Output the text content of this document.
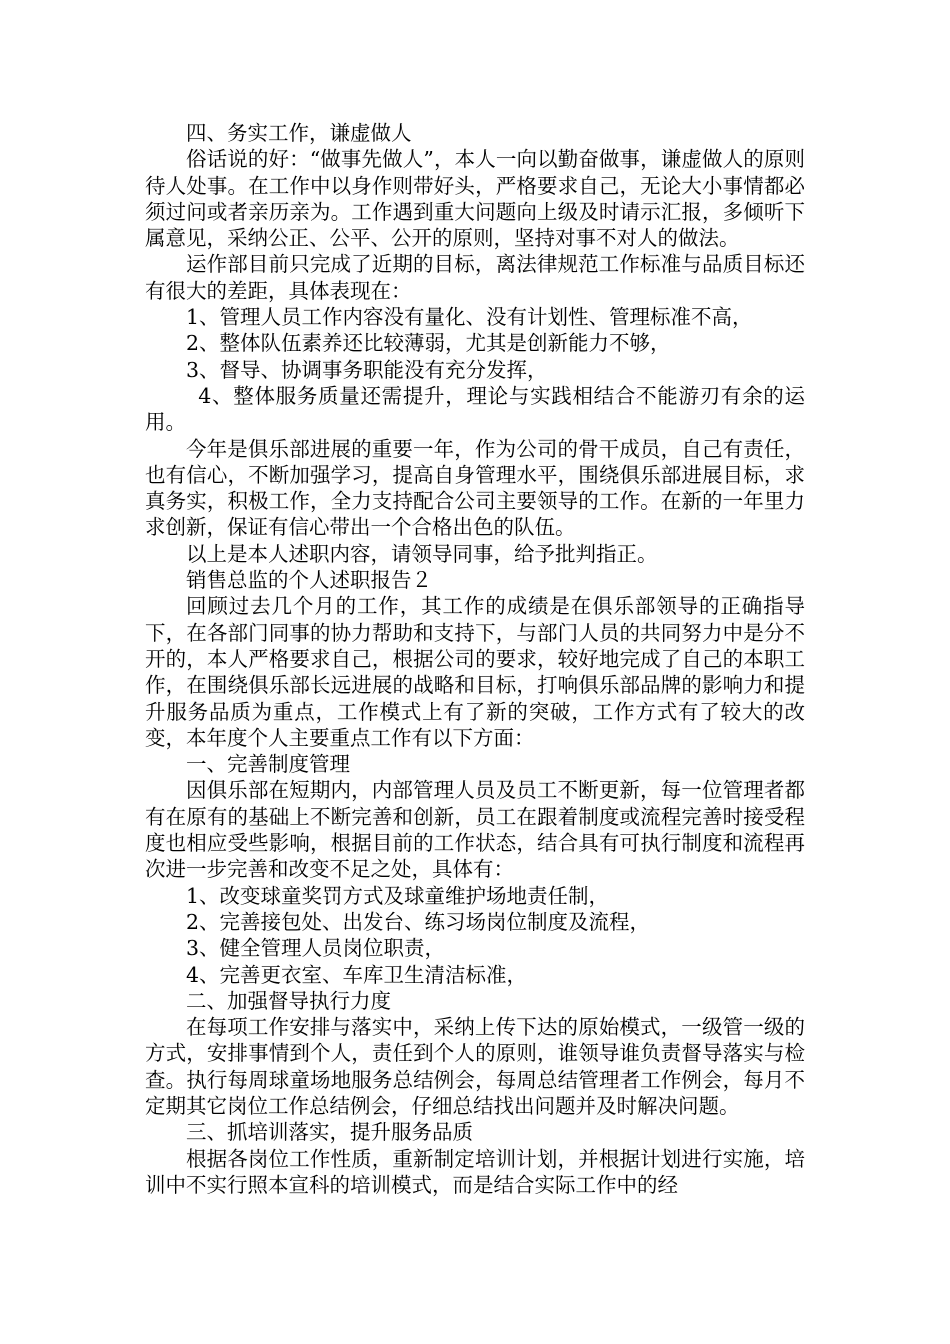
四、务实工作，谦虚做人

俗话说的好：“做事先做人”，本人一向以勤奋做事，谦虚做人的原则待人处事。在工作中以身作则带好头，严格要求自己，无论大小事情都必须过问或者亲历亲为。工作遇到重大问题向上级及时请示汇报，多倾听下属意见，采纳公正、公平、公开的原则，坚持对事不对人的做法。

运作部目前只完成了近期的目标，离法律规范工作标准与品质目标还有很大的差距，具体表现在：

1、管理人员工作内容没有量化、没有计划性、管理标准不高，

2、整体队伍素养还比较薄弱，尤其是创新能力不够，

3、督导、协调事务职能没有充分发挥，

4、整体服务质量还需提升，理论与实践相结合不能游刃有余的运用。

今年是俱乐部进展的重要一年，作为公司的骨干成员，自己有责任，也有信心，不断加强学习，提高自身管理水平，围绕俱乐部进展目标，求真务实，积极工作，全力支持配合公司主要领导的工作。在新的一年里力求创新，保证有信心带出一个合格出色的队伍。

以上是本人述职内容，请领导同事，给予批判指正。

销售总监的个人述职报告２

回顾过去几个月的工作，其工作的成绩是在俱乐部领导的正确指导下，在各部门同事的协力帮助和支持下，与部门人员的共同努力中是分不开的，本人严格要求自己，根据公司的要求，较好地完成了自己的本职工作，在围绕俱乐部长远进展的战略和目标，打响俱乐部品牌的影响力和提升服务品质为重点，工作模式上有了新的突破，工作方式有了较大的改变，本年度个人主要重点工作有以下方面：

一、完善制度管理

因俱乐部在短期内，内部管理人员及员工不断更新，每一位管理者都有在原有的基础上不断完善和创新，员工在跟着制度或流程完善时接受程度也相应受些影响，根据目前的工作状态，结合具有可执行制度和流程再次进一步完善和改变不足之处，具体有：

1、改变球童奖罚方式及球童维护场地责任制，

2、完善接包处、出发台、练习场岗位制度及流程，

3、健全管理人员岗位职责，

4、完善更衣室、车库卫生清洁标准，

二、加强督导执行力度

在每项工作安排与落实中，采纳上传下达的原始模式，一级管一级的方式，安排事情到个人，责任到个人的原则，谁领导谁负责督导落实与检查。执行每周球童场地服务总结例会，每周总结管理者工作例会，每月不定期其它岗位工作总结例会，仔细总结找出问题并及时解决问题。

三、抓培训落实，提升服务品质

根据各岗位工作性质，重新制定培训计划，并根据计划进行实施，培训中不实行照本宣科的培训模式，而是结合实际工作中的经
